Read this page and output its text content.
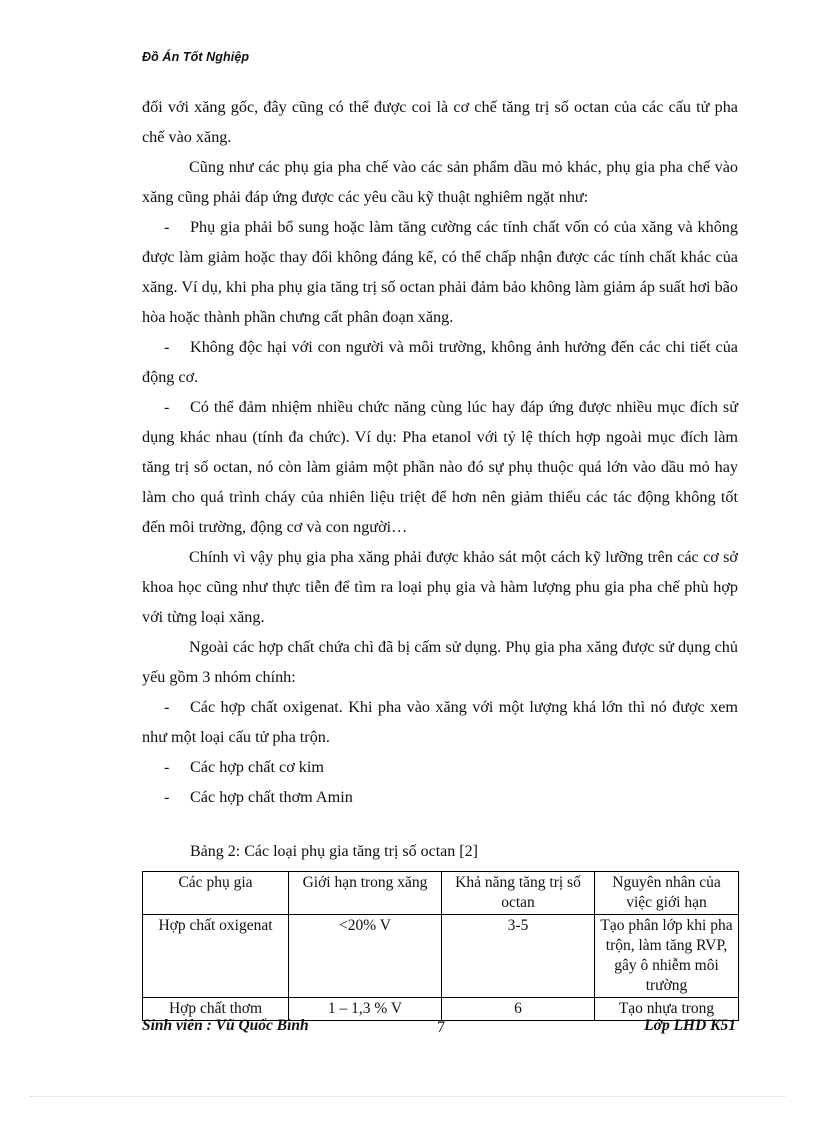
Đồ Án Tốt Nghiệp

đối với xăng gốc, đây cũng có thể được coi là cơ chế tăng trị số octan của các cấu tử pha chế vào xăng.

Cũng như các phụ gia pha chế vào các sản phẩm dầu mỏ khác, phụ gia pha chế vào xăng cũng phải đáp ứng được các yêu cầu kỹ thuật nghiêm ngặt như:

- Phụ gia phải bổ sung hoặc làm tăng cường các tính chất vốn có của xăng và không được làm giảm hoặc thay đổi không đáng kể, có thể chấp nhận được các tính chất khác của xăng. Ví dụ, khi pha phụ gia tăng trị số octan phải đảm bảo không làm giảm áp suất hơi bão hòa hoặc thành phần chưng cất phân đoạn xăng.

- Không độc hại với con người và môi trường, không ảnh hưởng đến các chi tiết của động cơ.

- Có thể đảm nhiệm nhiều chức năng cùng lúc hay đáp ứng được nhiều mục đích sử dụng khác nhau (tính đa chức). Ví dụ: Pha etanol với tỷ lệ thích hợp ngoài mục đích làm tăng trị số octan, nó còn làm giảm một phần nào đó sự phụ thuộc quá lớn vào dầu mỏ hay làm cho quá trình cháy của nhiên liệu triệt để hơn nên giảm thiểu các tác động không tốt đến môi trường, động cơ và con người…

Chính vì vậy phụ gia pha xăng phải được khảo sát một cách kỹ lưỡng trên các cơ sở khoa học cũng như thực tiễn để tìm ra loại phụ gia và hàm lượng phu gia pha chế phù hợp với từng loại xăng.

Ngoài các hợp chất chứa chì đã bị cấm sử dụng. Phụ gia pha xăng được sử dụng chủ yếu gồm 3 nhóm chính:

- Các hợp chất oxigenat. Khi pha vào xăng với một lượng khá lớn thì nó được xem như một loại cấu tử pha trộn.

- Các hợp chất cơ kim

- Các hợp chất thơm Amin

Bảng 2: Các loại phụ gia tăng trị số octan [2]
Các phụ gia	Giới hạn trong xăng	Khả năng tăng trị số octan	Nguyên nhân của việc giới hạn
Hợp chất oxigenat	<20% V	3-5	Tạo phân lớp khi pha trộn, làm tăng RVP, gây ô nhiễm môi trường
Hợp chất thơm	1 – 1,3 % V	6	Tạo nhựa trong
Sinh viên : Vũ Quốc Bình	7	Lớp LHD K51
